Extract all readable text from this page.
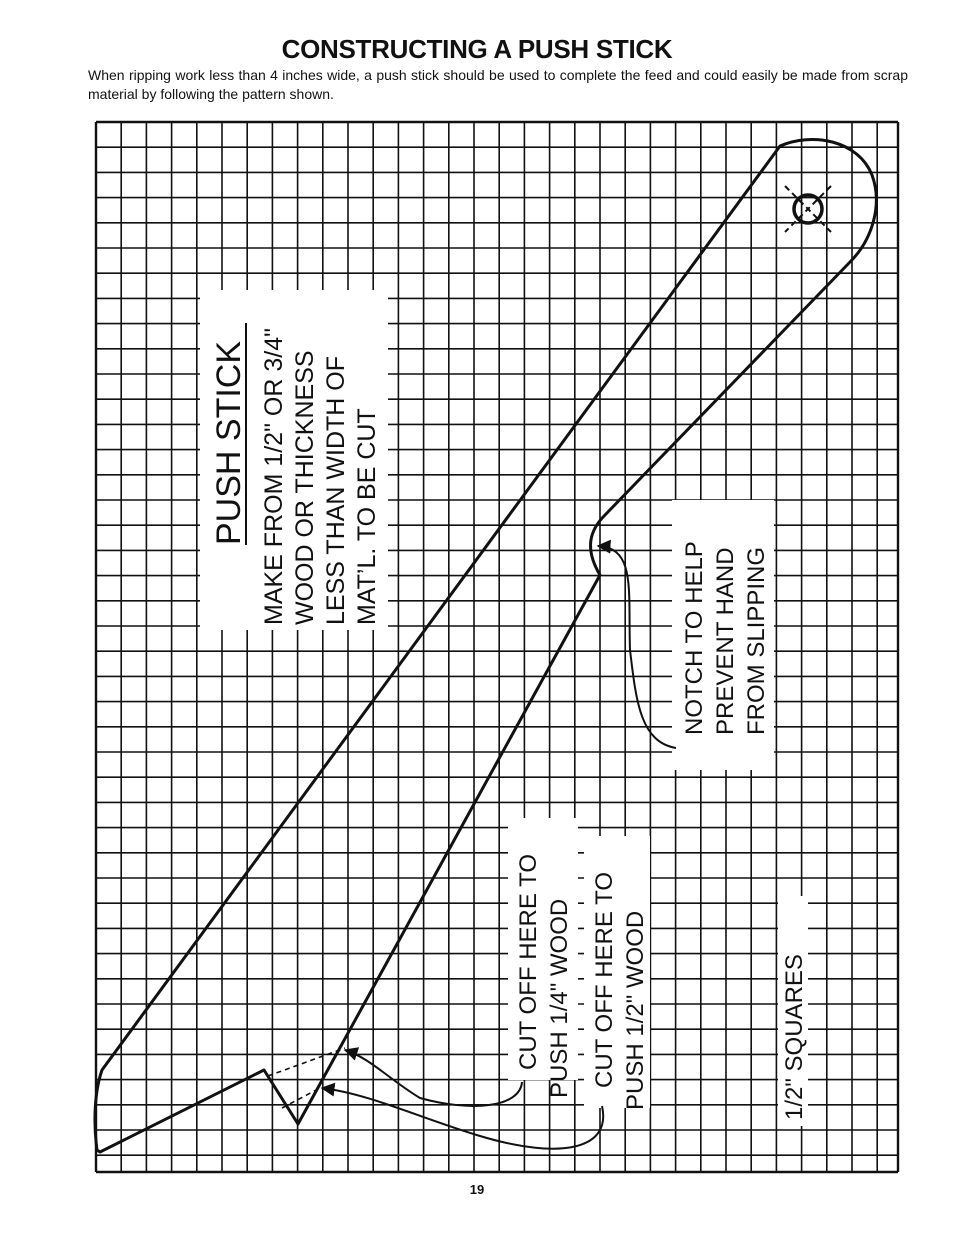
CONSTRUCTING A PUSH STICK

When ripping work less than 4 inches wide, a push stick should be used to complete the feed and could easily be made from scrap material by following the pattern shown.

PUSH STICK MAKE FROM 1/2" OR 3/4" WOOD OR THICKNESS LESS THAN WIDTH OF MAT’L. TO BE CUT
NOTCH TO HELP PREVENT HAND FROM SLIPPING
CUT OFF HERE TO PUSH 1/4" WOOD CUT OFF HERE TO PUSH 1/2" WOOD	1/2" SQUARES
19
